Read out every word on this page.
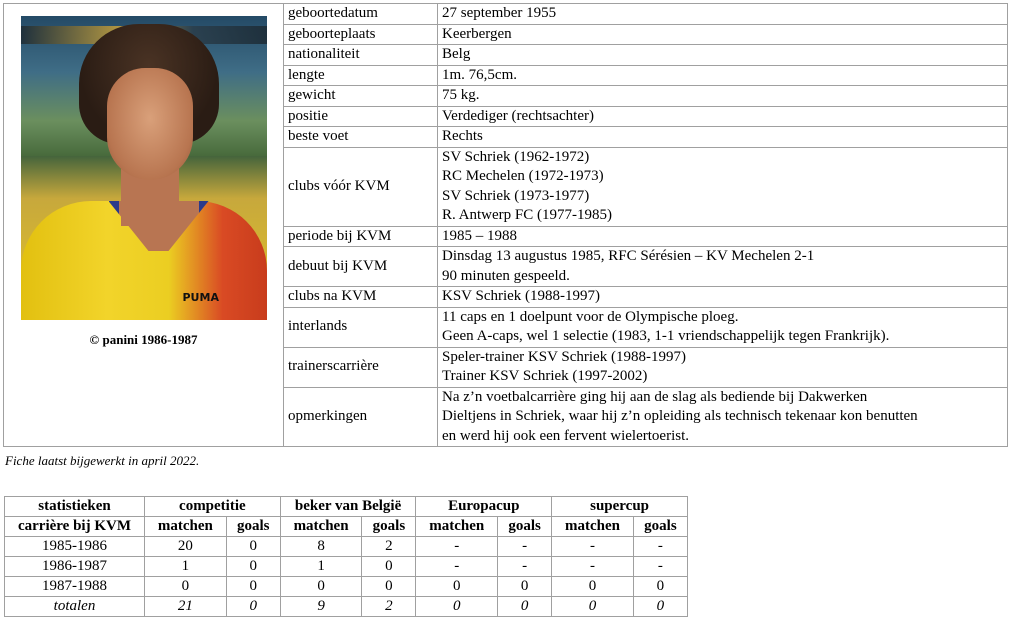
PUMA
© panini 1986-1987	geboortedatum	27 september 1955

	geboorteplaats	Keerbergen

	nationaliteit	Belg

	lengte	1m. 76,5cm.

	gewicht	75 kg.

	positie	Verdediger (rechtsachter)

	beste voet	Rechts

	clubs vóór KVM	SV Schriek (1962-1972)
RC Mechelen (1972-1973)
SV Schriek (1973-1977)
R. Antwerp FC (1977-1985)

	periode bij KVM	1985 – 1988

	debuut bij KVM	Dinsdag 13 augustus 1985, RFC Sérésien – KV Mechelen 2-1
90 minuten gespeeld.

	clubs na KVM	KSV Schriek (1988-1997)

	interlands	11 caps en 1 doelpunt voor de Olympische ploeg.
Geen A-caps, wel 1 selectie (1983, 1-1 vriendschappelijk tegen Frankrijk).

	trainerscarrière	Speler-trainer KSV Schriek (1988-1997)
Trainer KSV Schriek (1997-2002)

	opmerkingen	Na z’n voetbalcarrière ging hij aan de slag als bediende bij Dakwerken
Dieltjens in Schriek, waar hij z’n opleiding als technisch tekenaar kon benutten
en werd hij ook een fervent wielertoerist.
Fiche laatst bijgewerkt in april 2022.
statistieken	competitie		beker van België		Europacup		supercup	
carrière bij KVM	matchen	goals	matchen	goals	matchen	goals	matchen	goals
1985-1986	20	0	8	2	-	-	-	-
1986-1987	1	0	1	0	-	-	-	-
1987-1988	0	0	0	0	0	0	0	0
totalen	21	0	9	2	0	0	0	0
